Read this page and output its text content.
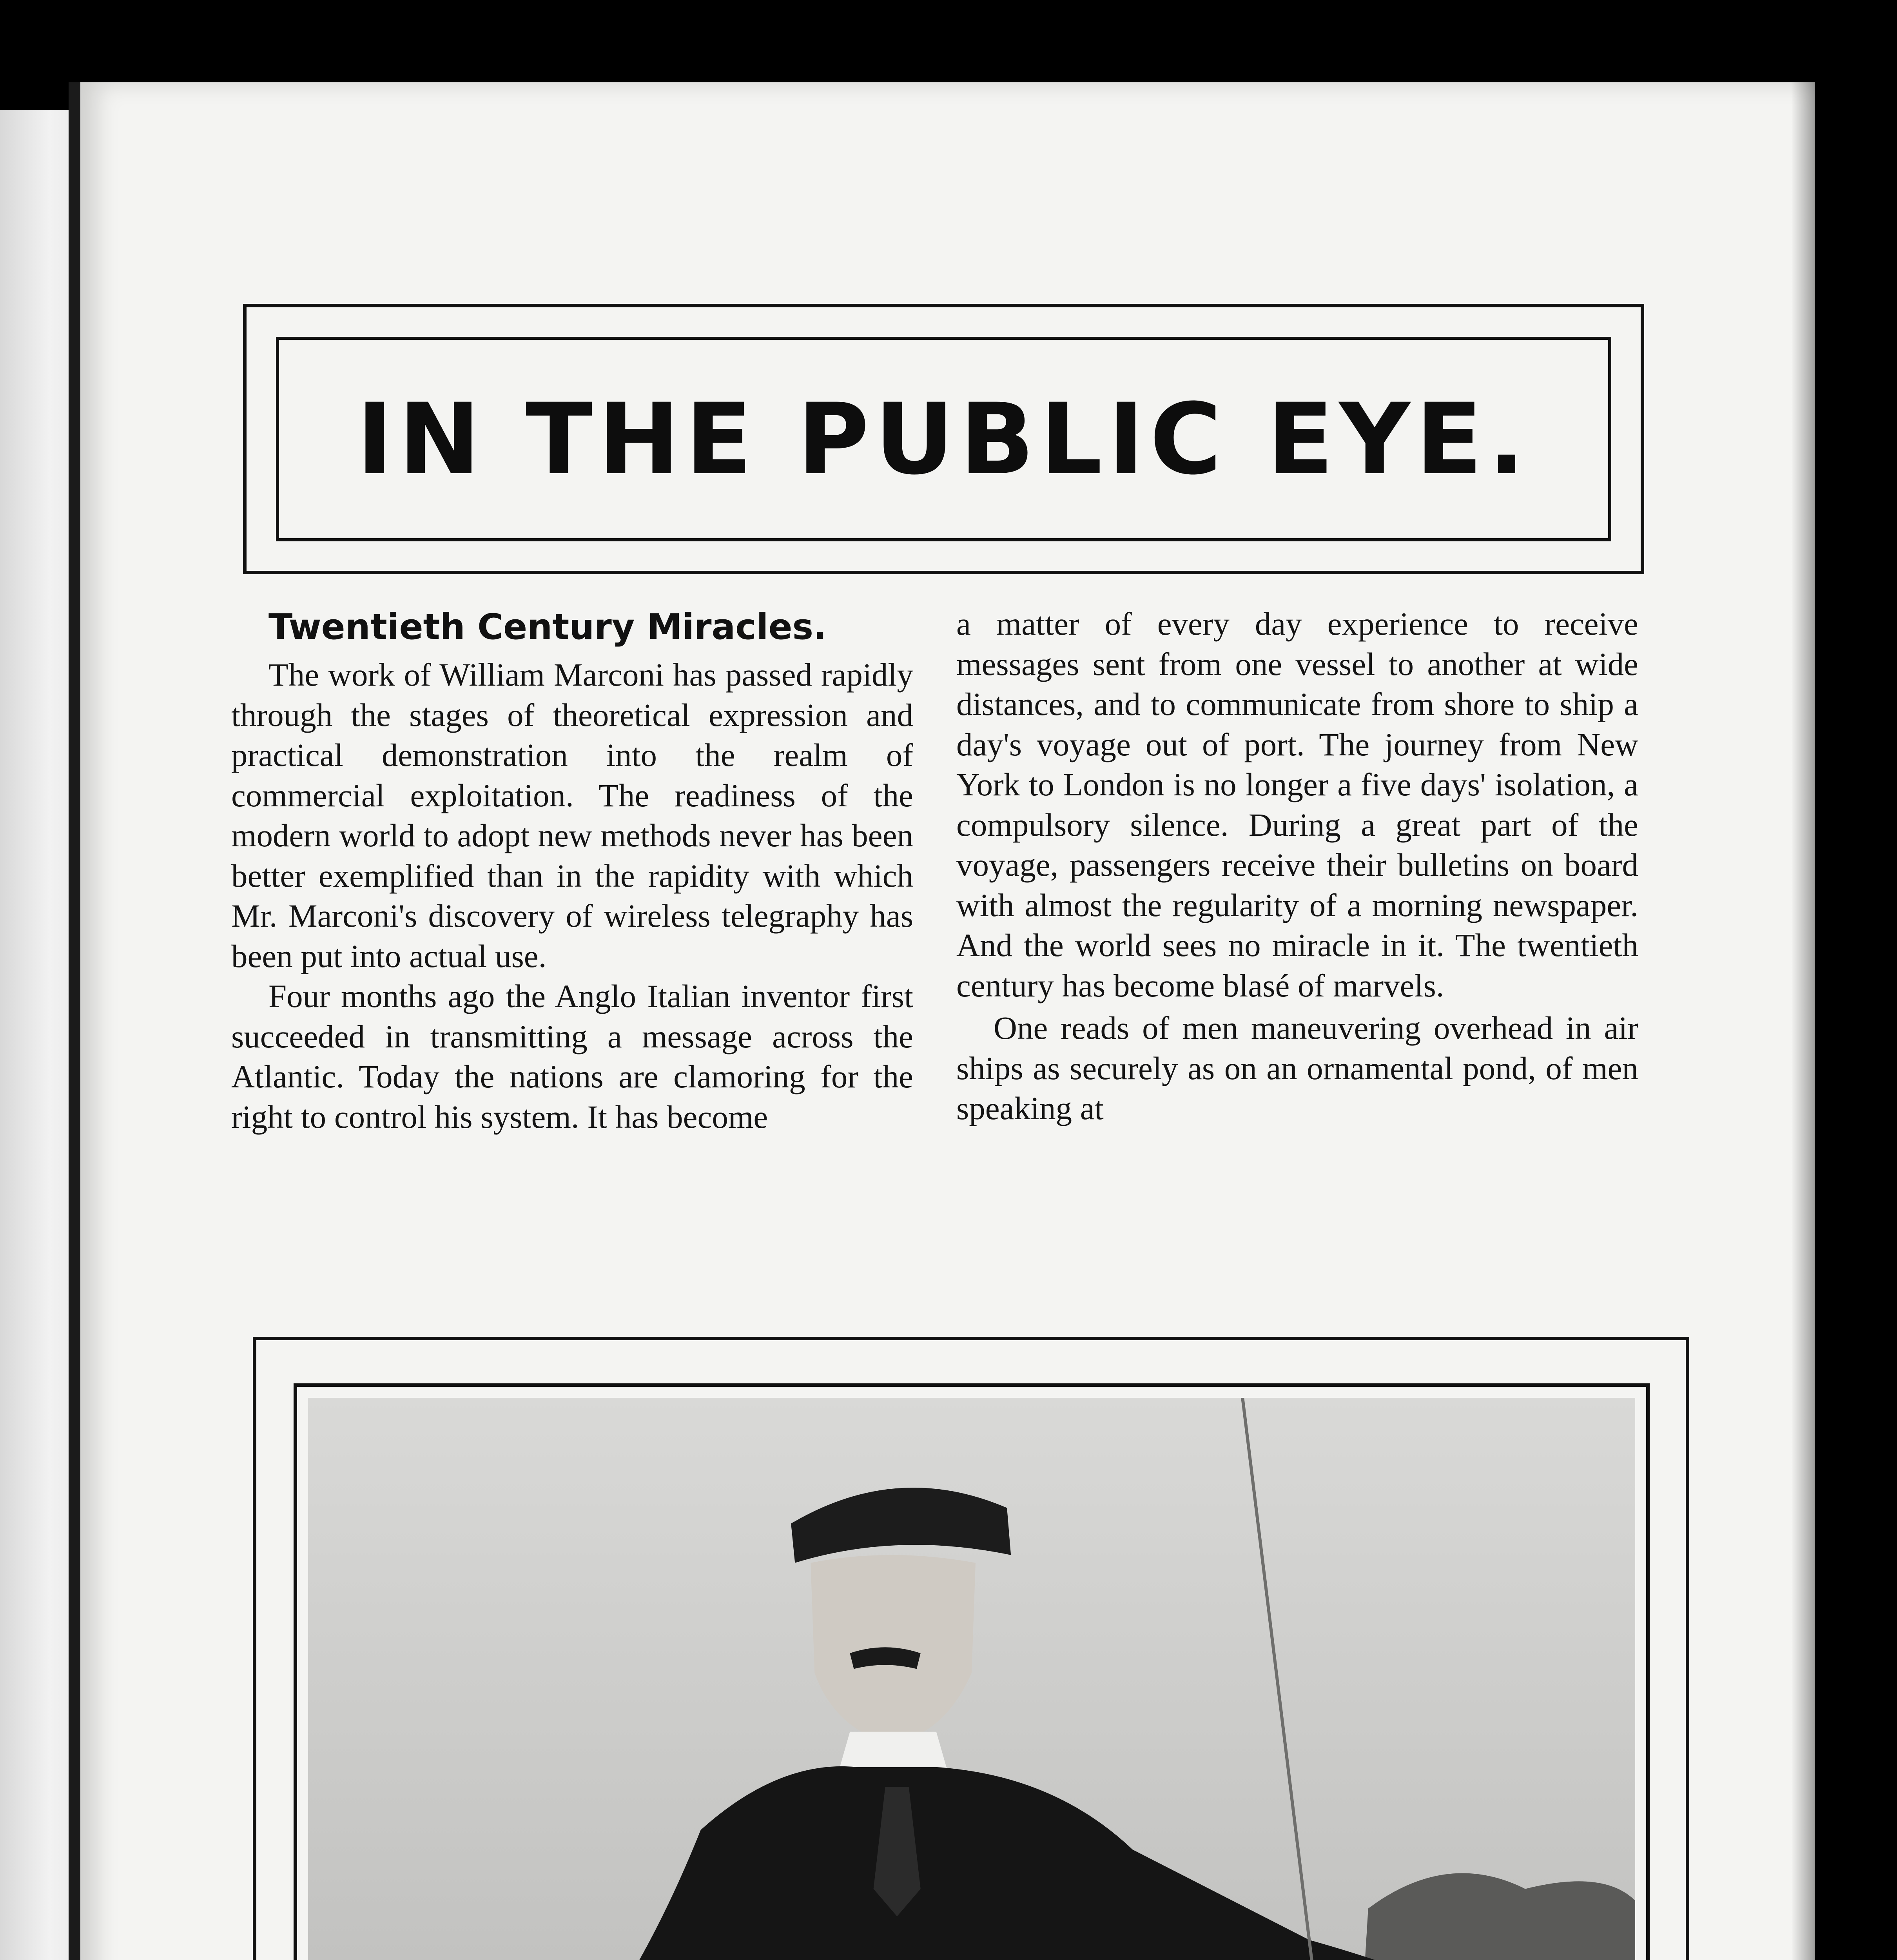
IN THE PUBLIC EYE.
Twentieth Century Miracles.

The work of William Marconi has passed rapidly through the stages of theoretical expression and practical demonstration into the realm of commercial exploitation. The readiness of the modern world to adopt new methods never has been better exemplified than in the rapidity with which Mr. Marconi's discovery of wireless telegraphy has been put into actual use.

Four months ago the Anglo Italian inventor first succeeded in transmitting a message across the Atlantic. Today the nations are clamoring for the right to control his system. It has become

a matter of every day experience to receive messages sent from one vessel to another at wide distances, and to communicate from shore to ship a day's voyage out of port. The journey from New York to London is no longer a five days' isolation, a compulsory silence. During a great part of the voyage, passengers receive their bulletins on board with almost the regularity of a morning newspaper. And the world sees no miracle in it. The twentieth century has become blasé of marvels.

One reads of men maneuvering overhead in air ships as securely as on an ornamental pond, of men speaking at
